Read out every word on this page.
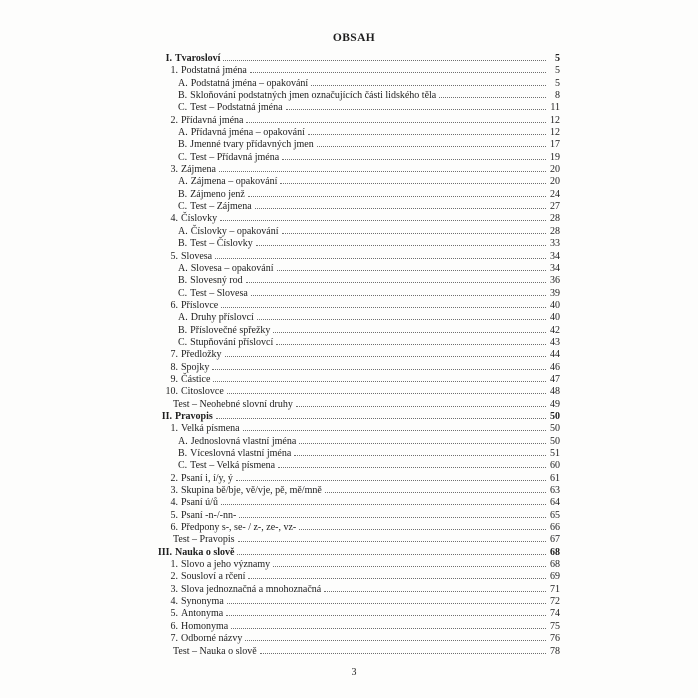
OBSAH
I. Tvarosloví	5
1. Podstatná jména	5
A. Podstatná jména – opakování	5
B. Skloňování podstatných jmen označujících části lidského těla	8
C. Test – Podstatná jména	11
2. Přídavná jména	12
A. Přídavná jména – opakování	12
B. Jmenné tvary přídavných jmen	17
C. Test – Přídavná jména	19
3. Zájmena	20
A. Zájmena – opakování	20
B. Zájmeno jenž	24
C. Test – Zájmena	27
4. Číslovky	28
A. Číslovky – opakování	28
B. Test – Číslovky	33
5. Slovesa	34
A. Slovesa – opakování	34
B. Slovesný rod	36
C. Test – Slovesa	39
6. Příslovce	40
A. Druhy příslovcí	40
B. Příslovečné spřežky	42
C. Stupňování příslovcí	43
7. Předložky	44
8. Spojky	46
9. Částice	47
10. Citoslovce	48
Test – Neohebné slovní druhy	49
II. Pravopis	50
1. Velká písmena	50
A. Jednoslovná vlastní jména	50
B. Víceslovná vlastní jména	51
C. Test – Velká písmena	60
2. Psaní i, í/y, ý	61
3. Skupina bě/bje, vě/vje, pě, mě/mně	63
4. Psaní ú/ů	64
5. Psaní -n-/-nn-	65
6. Předpony s-, se- / z-, ze-, vz-	66
Test – Pravopis	67
III. Nauka o slově	68
1. Slovo a jeho významy	68
2. Sousloví a rčení	69
3. Slova jednoznačná a mnohoznačná	71
4. Synonyma	72
5. Antonyma	74
6. Homonyma	75
7. Odborné názvy	76
Test – Nauka o slově	78
3
